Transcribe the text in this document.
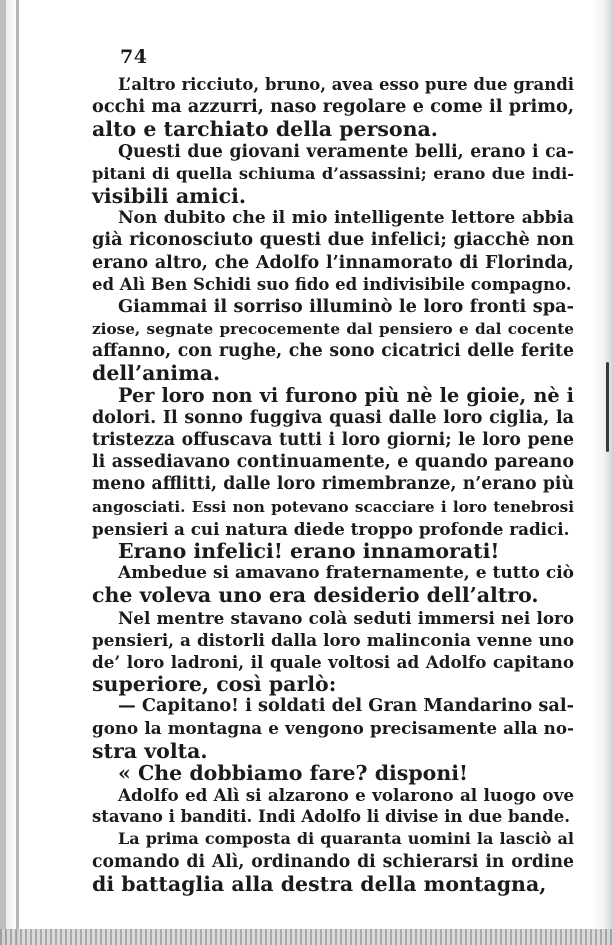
74
L’altro ricciuto, bruno, avea esso pure due grandi
occhi ma azzurri, naso regolare e come il primo,
alto e tarchiato della persona.
Questi due giovani veramente belli, erano i ca-
pitani di quella schiuma d’assassini; erano due indi-
visibili amici.
Non dubito che il mio intelligente lettore abbia
già riconosciuto questi due infelici; giacchè non
erano altro, che Adolfo l’innamorato di Florinda,
ed Alì Ben Schidi suo fido ed indivisibile compagno.
Giammai il sorriso illuminò le loro fronti spa-
ziose, segnate precocemente dal pensiero e dal cocente
affanno, con rughe, che sono cicatrici delle ferite
dell’anima.
Per loro non vi furono più nè le gioie, nè i
dolori. Il sonno fuggiva quasi dalle loro ciglia, la
tristezza offuscava tutti i loro giorni; le loro pene
li assediavano continuamente, e quando pareano
meno afflitti, dalle loro rimembranze, n’erano più
angosciati. Essi non potevano scacciare i loro tenebrosi
pensieri a cui natura diede troppo profonde radici.
Erano infelici! erano innamorati!
Ambedue si amavano fraternamente, e tutto ciò
che voleva uno era desiderio dell’altro.
Nel mentre stavano colà seduti immersi nei loro
pensieri, a distorli dalla loro malinconia venne uno
de’ loro ladroni, il quale voltosi ad Adolfo capitano
superiore, così parlò:
— Capitano! i soldati del Gran Mandarino sal-
gono la montagna e vengono precisamente alla no-
stra volta.
« Che dobbiamo fare? disponi!
Adolfo ed Alì si alzarono e volarono al luogo ove
stavano i banditi. Indi Adolfo li divise in due bande.
La prima composta di quaranta uomini la lasciò al
comando di Alì, ordinando di schierarsi in ordine
di battaglia alla destra della montagna,
